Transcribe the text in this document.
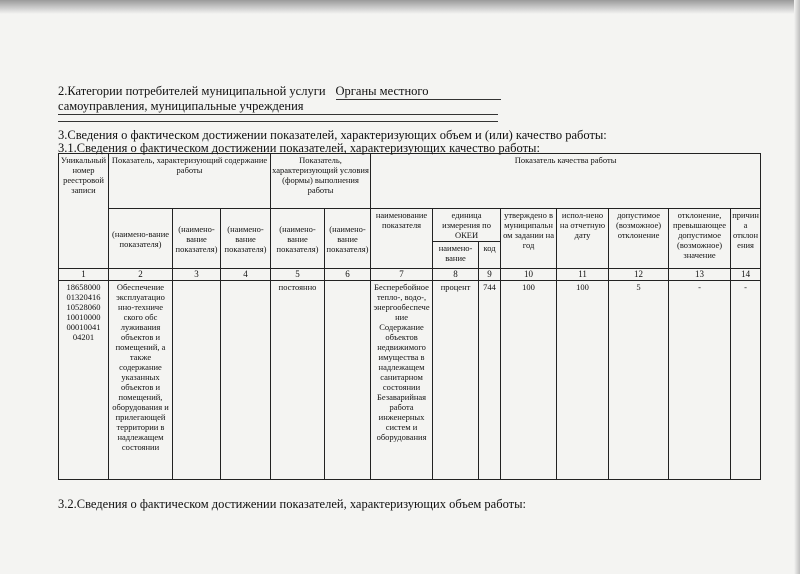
2.Категории потребителей муниципальной услуги Органы местного
самоуправления, муниципальные учреждения
3.Сведения о фактическом достижении показателей, характеризующих объем и (или) качество работы:
3.1.Сведения о фактическом достижении показателей, характеризующих качество работы:
Уникальный номер реестровой записи	Показатель, характеризующий содержание работы			Показатель, характеризующий условия (формы) выполнения работы		Показатель качества работы							
	(наимено-вание показателя)	(наимено-вание показателя)	(наимено-вание показателя)	(наимено-вание показателя)	(наимено-вание показателя)	наименование показателя	единица измерения по ОКЕИ		утверждено в муниципальном задании на год	испол-нено на отчетную дату	допустимое (возможное) отклонение	отклонение, превышающее допустимое (возможное) значение	причина отклонения
							наимено-вание	код					
1	2	3	4	5	6	7	8	9	10	11	12	13	14
18658000 01320416 10528060 10010000 00010041 04201	Обеспечение эксплуатацио нно-техниче ского обс луживания объектов и помещений, а также содержание указанных объектов и помещений, оборудования и прилегающей территории в надлежащем состоянии			постоянно		Бесперебойное тепло-, водо-, энергообеспечение Содержание объектов недвижимого имущества в надлежащем санитарном состоянии Безаварийная работа инженерных систем и оборудования	процент	744	100	100	5	-	-
3.2.Сведения о фактическом достижении показателей, характеризующих объем работы:
